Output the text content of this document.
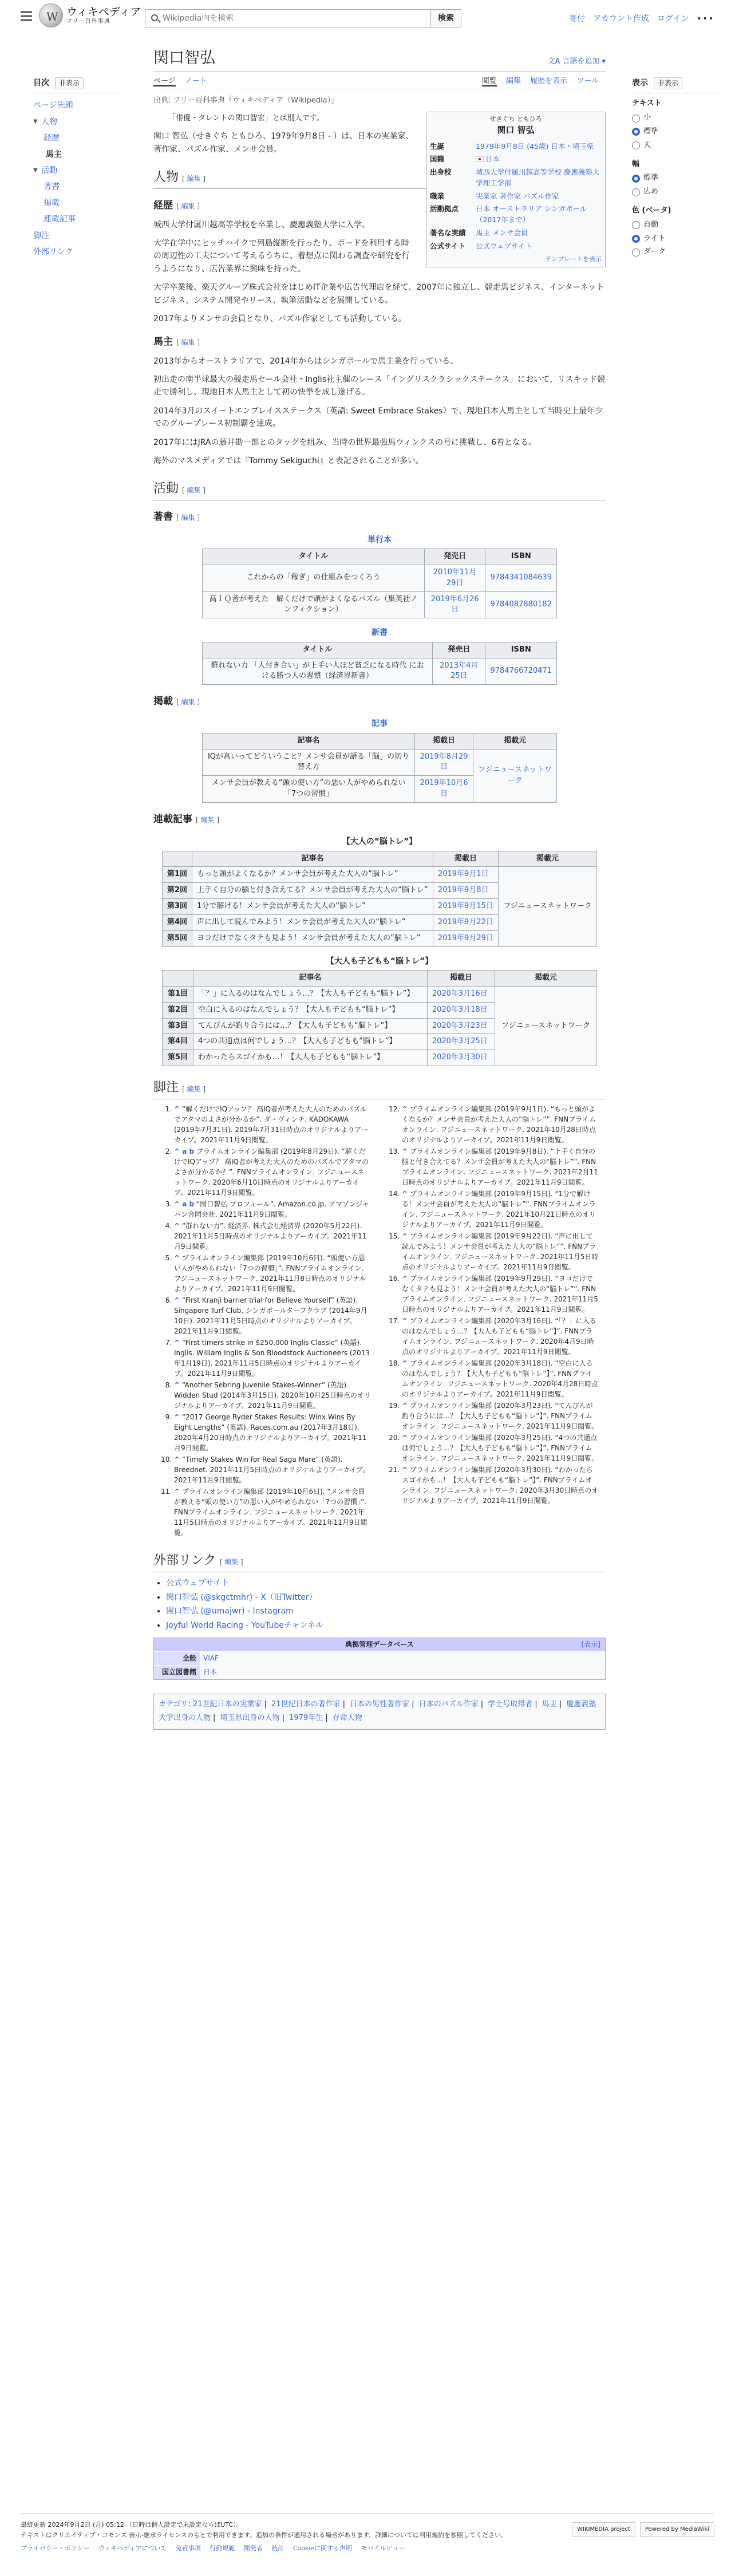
W
ウィキペディア
フリー百科事典	Wikipedia内を検索	検索	寄付 アカウント作成 ログイン •••
目次	非表示
ページ先頭
▼ 人物
経歴
馬主
▼ 活動
著書
掲載
連載記事
脚注
外部リンク
表示	非表示
テキスト
小
標準
大
幅
標準
広め
色 (ベータ)
自動
ライト
ダーク
関口智弘	文A 言語を追加 ▾
ページ ノート	閲覧 編集 履歴を表示 ツール
出典: フリー百科事典『ウィキペディア（Wikipedia）』
せきぐち ともひろ
関口 智弘
生誕	1979年9月8日 (45歳) 日本・埼玉県
国籍	日本
出身校	城西大学付属川越高等学校 慶應義塾大学理工学部
職業	実業家 著作家 パズル作家
活動拠点	日本 オーストラリア シンガポール（2017年まで）
著名な実績	馬主 メンサ会員
公式サイト	公式ウェブサイト
テンプレートを表示
「俳優・タレントの関口智宏」とは別人です。

関口 智弘（せきぐち ともひろ、1979年9月8日 - ）は、日本の実業家、著作家、パズル作家、メンサ会員。

人物 [ 編集 ]
経歴 [ 編集 ]

城西大学付属川越高等学校を卒業し、慶應義塾大学に入学。

大学在学中にヒッチハイクで列島縦断を行ったり、ボードを利用する時の周辺性の工夫について考えるうちに、着想点に関わる調査や研究を行うようになり、広告業界に興味を持った。

大学卒業後、楽天グループ株式会社をはじめIT企業や広告代理店を経て、2007年に独立し、競走馬ビジネス、インターネットビジネス、システム開発やリース、執筆活動などを展開している。

2017年よりメンサの会員となり、パズル作家としても活動している。

馬主 [ 編集 ]

2013年からオーストラリアで、2014年からはシンガポールで馬主業を行っている。

初出走の南半球最大の競走馬セール会社・Inglis社主催のレース「イングリスクラシックステークス」において、リスキッド競走で勝利し、現地日本人馬主として初の快挙を成し遂げる。

2014年3月のスイートエンブレイスステークス（英語: Sweet Embrace Stakes）で、現地日本人馬主として当時史上最年少でのグループレース初制覇を達成。

2017年にはJRAの藤井勘一郎とのタッグを組み、当時の世界最強馬ウィンクスの号に挑戦し、6着となる。

海外のマスメディアでは『Tommy Sekiguchi』と表記されることが多い。

活動 [ 編集 ]
著書 [ 編集 ]
単行本
タイトル	発売日	ISBN
これからの「稼ぎ」の仕組みをつくろう	2010年11月29日	9784341084639
高ＩＱ者が考えた　解くだけで頭がよくなるパズル（集英社ノンフィクション）	2019年6月26日	9784087880182
新書
タイトル	発売日	ISBN
群れない力 「人付き合い」が上手い人ほど貧乏になる時代 における勝つ人の習慣（経済界新書）	2013年4月25日	9784766720471
掲載 [ 編集 ]
記事
記事名	掲載日	掲載元
IQが高いってどういうこと？メンサ会員が語る「脳」の切り替え方	2019年8月29日	フジニュースネットワーク
メンサ会員が教える“頭の使い方”の悪い人がやめられない「7つの習慣」	2019年10月6日	
連載記事 [ 編集 ]
【大人の“脳トレ”】
	記事名	掲載日	掲載元
第1回	もっと頭がよくなるか？メンサ会員が考えた大人の“脳トレ”	2019年9月1日	フジニュースネットワーク
第2回	上手く自分の脳と付き合えてる？メンサ会員が考えた大人の“脳トレ”	2019年9月8日	
第3回	1分で解ける！メンサ会員が考えた大人の“脳トレ”	2019年9月15日	
第4回	声に出して読んでみよう！メンサ会員が考えた大人の“脳トレ”	2019年9月22日	
第5回	ヨコだけでなくタテも見よう！メンサ会員が考えた大人の“脳トレ”	2019年9月29日	
【大人も子どもも“脳トレ”】
	記事名	掲載日	掲載元
第1回	「？」に入るのはなんでしょう…？【大人も子どもも“脳トレ”】	2020年3月16日	フジニュースネットワーク
第2回	空白に入るのはなんでしょう？【大人も子どもも“脳トレ”】	2020年3月18日	
第3回	てんびんが釣り合うには…？【大人も子どもも“脳トレ”】	2020年3月23日	
第4回	4つの共通点は何でしょう…？【大人も子どもも“脳トレ”】	2020年3月25日	
第5回	わかったらスゴイかも…！【大人も子どもも“脳トレ”】	2020年3月30日	
脚注 [ 編集 ]
1. ^ “解くだけでIQアップ？ 高IQ者が考えた大人のためのパズルでアタマのよさが分かるか”. ダ・ヴィンチ. KADOKAWA (2019年7月31日). 2019年7月31日時点のオリジナルよりアーカイブ。2021年11月9日閲覧。
2. ^ a b プライムオンライン編集部 (2019年8月29日). “解くだけでIQアップ？ 高IQ者が考えた大人のためのパズルでアタマのよさが分かるか？”. FNNプライムオンライン. フジニュースネットワーク. 2020年6月10日時点のオリジナルよりアーカイブ。2021年11月9日閲覧。
3. ^ a b “関口智弘 プロフィール”. Amazon.co.jp. アマゾンジャパン合同会社. 2021年11月9日閲覧。
4. ^ “群れない力”. 経済界. 株式会社経済界 (2020年5月22日). 2021年11月5日時点のオリジナルよりアーカイブ。2021年11月9日閲覧。
5. ^ プライムオンライン編集部 (2019年10月6日). “頭使い方悪い人がやめられない「7つの習慣」”. FNNプライムオンライン. フジニュースネットワーク. 2021年11月8日時点のオリジナルよりアーカイブ。2021年11月9日閲覧。
6. ^ “First Kranji barrier trial for Believe Yourself” (英語). Singapore Turf Club. シンガポールターフクラブ (2014年9月10日). 2021年11月5日時点のオリジナルよりアーカイブ。2021年11月9日閲覧。
7. ^ “First timers strike in $250,000 Inglis Classic” (英語). Inglis. William Inglis & Son Bloodstock Auctioneers (2013年1月19日). 2021年11月5日時点のオリジナルよりアーカイブ。2021年11月9日閲覧。
8. ^ “Another Sebring Juvenile Stakes-Winner” (英語). Widden Stud (2014年3月15日). 2020年10月25日時点のオリジナルよりアーカイブ。2021年11月9日閲覧。
9. ^ “2017 George Ryder Stakes Results: Winx Wins By Eight Lengths” (英語). Races.com.au (2017年3月18日). 2020年4月20日時点のオリジナルよりアーカイブ。2021年11月9日閲覧。
10. ^ “Timely Stakes Win for Real Saga Mare” (英語). Breednet. 2021年11月5日時点のオリジナルよりアーカイブ。2021年11月9日閲覧。
11. ^ プライムオンライン編集部 (2019年10月6日). “メンサ会員が教える“頭の使い方”の悪い人がやめられない「7つの習慣」”. FNNプライムオンライン. フジニュースネットワーク. 2021年11月5日時点のオリジナルよりアーカイブ。2021年11月9日閲覧。
12. ^ プライムオンライン編集部 (2019年9月1日). “もっと頭がよくなるか？メンサ会員が考えた大人の“脳トレ””. FNNプライムオンライン. フジニュースネットワーク. 2021年10月28日時点のオリジナルよりアーカイブ。2021年11月9日閲覧。
13. ^ プライムオンライン編集部 (2019年9月8日). “上手く自分の脳と付き合えてる？メンサ会員が考えた大人の“脳トレ””. FNNプライムオンライン. フジニュースネットワーク. 2021年2月11日時点のオリジナルよりアーカイブ。2021年11月9日閲覧。
14. ^ プライムオンライン編集部 (2019年9月15日). “1分で解ける！メンサ会員が考えた大人の“脳トレ””. FNNプライムオンライン. フジニュースネットワーク. 2021年10月21日時点のオリジナルよりアーカイブ。2021年11月9日閲覧。
15. ^ プライムオンライン編集部 (2019年9月22日). “声に出して読んでみよう！メンサ会員が考えた大人の“脳トレ””. FNNプライムオンライン. フジニュースネットワーク. 2021年11月5日時点のオリジナルよりアーカイブ。2021年11月9日閲覧。
16. ^ プライムオンライン編集部 (2019年9月29日). “ヨコだけでなくタテも見よう！メンサ会員が考えた大人の“脳トレ””. FNNプライムオンライン. フジニュースネットワーク. 2021年11月5日時点のオリジナルよりアーカイブ。2021年11月9日閲覧。
17. ^ プライムオンライン編集部 (2020年3月16日). “「？」に入るのはなんでしょう…？【大人も子どもも“脳トレ”】”. FNNプライムオンライン. フジニュースネットワーク. 2020年4月9日時点のオリジナルよりアーカイブ。2021年11月9日閲覧。
18. ^ プライムオンライン編集部 (2020年3月18日). “空白に入るのはなんでしょう？【大人も子どもも“脳トレ”】”. FNNプライムオンライン. フジニュースネットワーク. 2020年4月28日時点のオリジナルよりアーカイブ。2021年11月9日閲覧。
19. ^ プライムオンライン編集部 (2020年3月23日). “てんびんが釣り合うには…？【大人も子どもも“脳トレ”】”. FNNプライムオンライン. フジニュースネットワーク. 2021年11月9日閲覧。
20. ^ プライムオンライン編集部 (2020年3月25日). “4つの共通点は何でしょう…？【大人も子どもも“脳トレ”】”. FNNプライムオンライン. フジニュースネットワーク. 2021年11月9日閲覧。
21. ^ プライムオンライン編集部 (2020年3月30日). “わかったらスゴイかも…！【大人も子どもも“脳トレ”】”. FNNプライムオンライン. フジニュースネットワーク. 2020年3月30日時点のオリジナルよりアーカイブ。2021年11月9日閲覧。
外部リンク [ 編集 ]
• 公式ウェブサイト
• 関口智弘 (@skgctmhr) - X（旧Twitter）
• 関口智弘 (@umajwr) - Instagram
• Joyful World Racing - YouTubeチャンネル
典拠管理データベース	[表示]
全般	VIAF
国立図書館	日本
カテゴリ: 21世紀日本の実業家 | 21世紀日本の著作家 | 日本の男性著作家 | 日本のパズル作家 | 学士号取得者 | 馬主 | 慶應義塾大学出身の人物 | 埼玉県出身の人物 | 1979年生 | 存命人物
最終更新 2024年9月2日 (月) 05:12 （日時は個人設定で未設定ならばUTC）。
テキストはクリエイティブ・コモンズ 表示-継承ライセンスのもとで利用できます。追加の条件が適用される場合があります。詳細については利用規約を参照してください。
プライバシー・ポリシー ウィキペディアについて 免責事項 行動規範 開発者 統計 Cookieに関する声明 モバイルビュー
WIKIMEDIA project	Powered by MediaWiki
